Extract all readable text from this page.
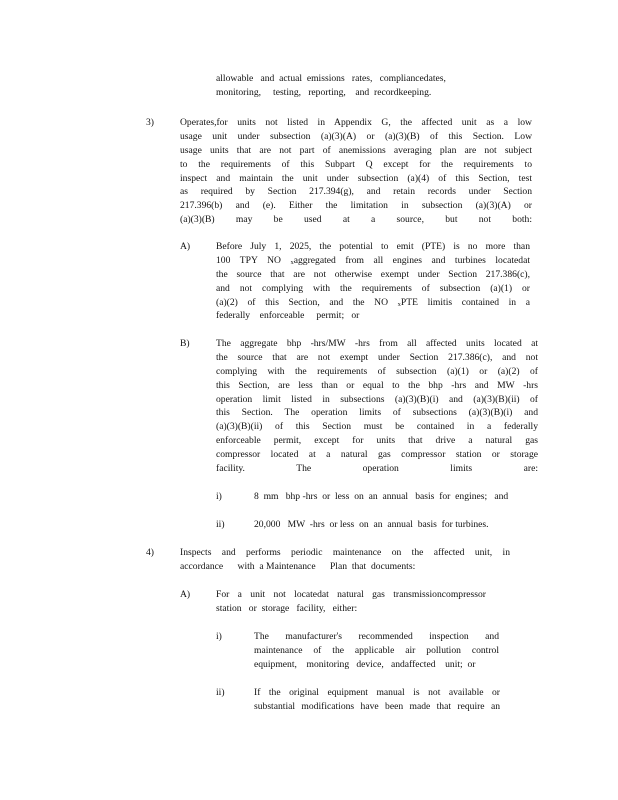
allowable   and  actual  emissions   rates,   compliancedates,
monitoring,     testing,   reporting,    and  recordkeeping.
3)	Operates,for units not listed in Appendix G, the affected unit as a low
usage unit under subsection (a)(3)(A) or (a)(3)(B) of this Section. Low
usage units that are not part of anemissions averaging plan are not subject
to the requirements of this Subpart Q except for the requirements to
inspect and maintain the unit under subsection (a)(4) of this Section, test
as required by Section 217.394(g), and retain records under Section
217.396(b) and (e). Either the limitation in subsection (a)(3)(A) or
(a)(3)(B) may be used at a source, but not both:
A)	Before July 1, 2025, the potential to emit (PTE) is no more than
100 TPY NO $_x$aggregated from all engines and turbines locatedat
the source that are not otherwise exempt under Section 217.386(c),
and not complying with the requirements of subsection (a)(1) or
(a)(2) of this Section, and the NO $_x$PTE limitis contained in a
federally    enforceable     permit;   or
B)	The aggregate bhp -hrs/MW -hrs from all affected units located at
the source that are not exempt under Section 217.386(c), and not
complying with the requirements of subsection (a)(1) or (a)(2) of
this Section, are less than or equal to the bhp -hrs and MW -hrs
operation limit listed in subsections (a)(3)(B)(i) and (a)(3)(B)(ii) of
this Section. The operation limits of subsections (a)(3)(B)(i) and
(a)(3)(B)(ii) of this Section must be contained in a federally
enforceable permit, except for units that drive a natural gas
compressor located at a natural gas compressor station or storage
facility. The operation limits are:
i)	8  mm   bhp -hrs  or  less  on  an  annual   basis  for  engines;   and
ii)	20,000   MW  -hrs  or less  on  an  annual  basis  for turbines.
4)	Inspects and performs periodic maintenance on the affected unit, in
accordance      with  a Maintenance      Plan  that  documents:
A)	For a unit not locatedat natural gas transmissioncompressor
station   or  storage   facility,   either:
i)	The manufacturer's recommended inspection and
maintenance of the applicable air pollution control
equipment,    monitoring   device,   andaffected    unit;  or
ii)	If the original equipment manual is not available or
substantial modifications have been made that require an
